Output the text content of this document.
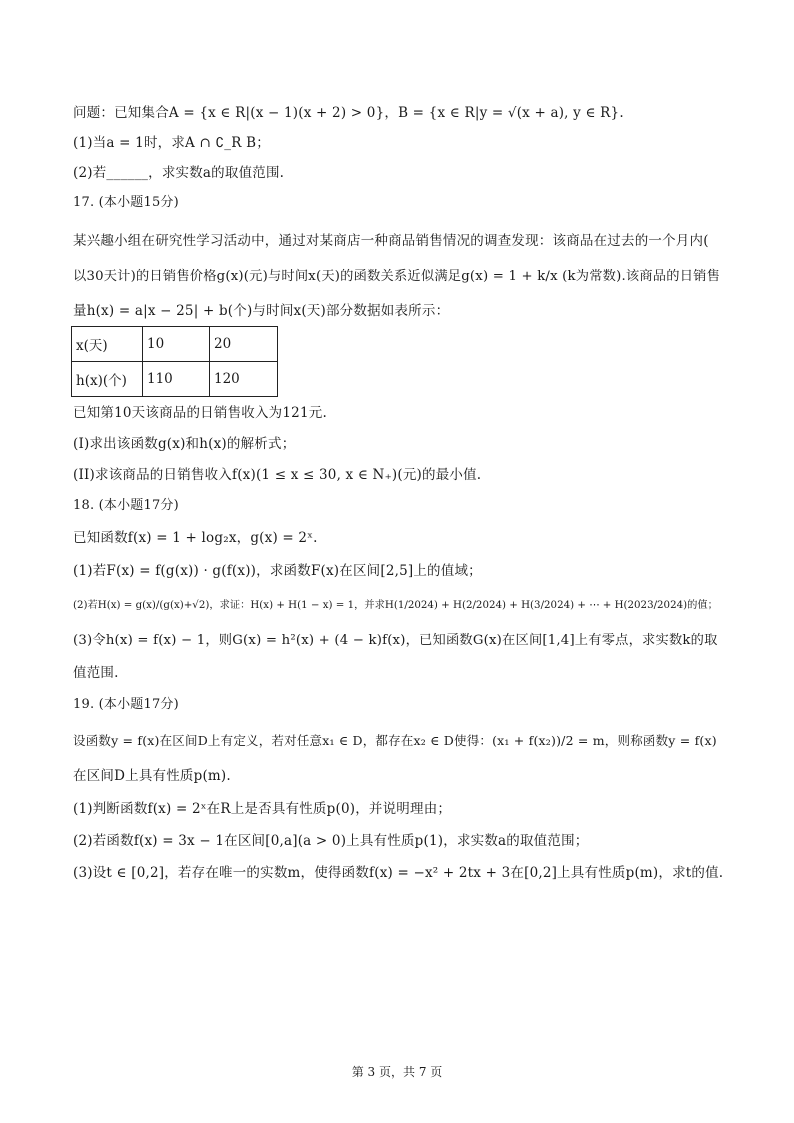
问题：已知集合A = {x ∈ R|(x − 1)(x + 2) > 0}，B = {x ∈ R|y = √(x + a), y ∈ R}.
(1)当a = 1时，求A ∩ ∁_R B；
(2)若______，求实数a的取值范围.
17. (本小题15分)
某兴趣小组在研究性学习活动中，通过对某商店一种商品销售情况的调查发现：该商品在过去的一个月内(
以30天计)的日销售价格g(x)(元)与时间x(天)的函数关系近似满足g(x) = 1 + k/x (k为常数).该商品的日销售
量h(x) = a|x − 25| + b(个)与时间x(天)部分数据如表所示：
x(天)	10	20
h(x)(个)	110	120
已知第10天该商品的日销售收入为121元.
(I)求出该函数g(x)和h(x)的解析式；
(II)求该商品的日销售收入f(x)(1 ≤ x ≤ 30, x ∈ N₊)(元)的最小值.
18. (本小题17分)
已知函数f(x) = 1 + log₂x，g(x) = 2ˣ.
(1)若F(x) = f(g(x)) · g(f(x))，求函数F(x)在区间[2,5]上的值域；
(2)若H(x) = g(x)/(g(x)+√2)，求证：H(x) + H(1 − x) = 1，并求H(1/2024) + H(2/2024) + H(3/2024) + ⋯ + H(2023/2024)的值；
(3)令h(x) = f(x) − 1，则G(x) = h²(x) + (4 − k)f(x)，已知函数G(x)在区间[1,4]上有零点，求实数k的取
值范围.
19. (本小题17分)
设函数y = f(x)在区间D上有定义，若对任意x₁ ∈ D，都存在x₂ ∈ D使得：(x₁ + f(x₂))/2 = m，则称函数y = f(x)
在区间D上具有性质p(m).
(1)判断函数f(x) = 2ˣ在R上是否具有性质p(0)，并说明理由；
(2)若函数f(x) = 3x − 1在区间[0,a](a > 0)上具有性质p(1)，求实数a的取值范围；
(3)设t ∈ [0,2]，若存在唯一的实数m，使得函数f(x) = −x² + 2tx + 3在[0,2]上具有性质p(m)，求t的值.
第 3 页，共 7 页
